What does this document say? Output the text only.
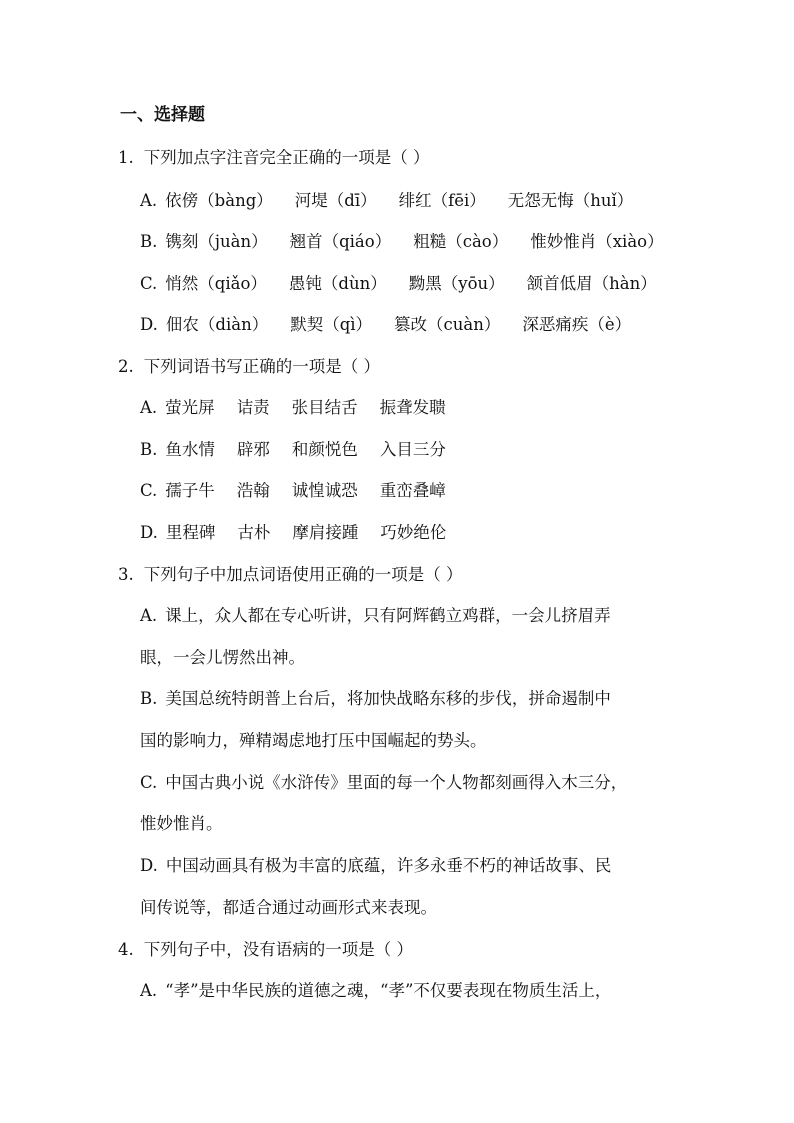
一、选择题
1. 下列加点字注音完全正确的一项是（ ）
A. 依傍（bàng） 河堤（dī） 绯红（fēi） 无怨无悔（huǐ）
B. 镌刻（juàn） 翘首（qiáo） 粗糙（cào） 惟妙惟肖（xiào）
C. 悄然（qiǎo） 愚钝（dùn） 黝黑（yōu） 颔首低眉（hàn）
D. 佃农（diàn） 默契（qì） 篡改（cuàn） 深恶痛疾（è）
2. 下列词语书写正确的一项是（ ）
A. 萤光屏 诘责 张目结舌 振聋发聩
B. 鱼水情 辟邪 和颜悦色 入目三分
C. 孺子牛 浩翰 诚惶诚恐 重峦叠嶂
D. 里程碑 古朴 摩肩接踵 巧妙绝伦
3. 下列句子中加点词语使用正确的一项是（ ）
A. 课上，众人都在专心听讲，只有阿辉鹤立鸡群，一会儿挤眉弄
眼，一会儿愣然出神。
B. 美国总统特朗普上台后，将加快战略东移的步伐，拼命遏制中
国的影响力，殚精竭虑地打压中国崛起的势头。
C. 中国古典小说《水浒传》里面的每一个人物都刻画得入木三分，
惟妙惟肖。
D. 中国动画具有极为丰富的底蕴，许多永垂不朽的神话故事、民
间传说等，都适合通过动画形式来表现。
4. 下列句子中，没有语病的一项是（ ）
A. “孝”是中华民族的道德之魂，“孝”不仅要表现在物质生活上，
